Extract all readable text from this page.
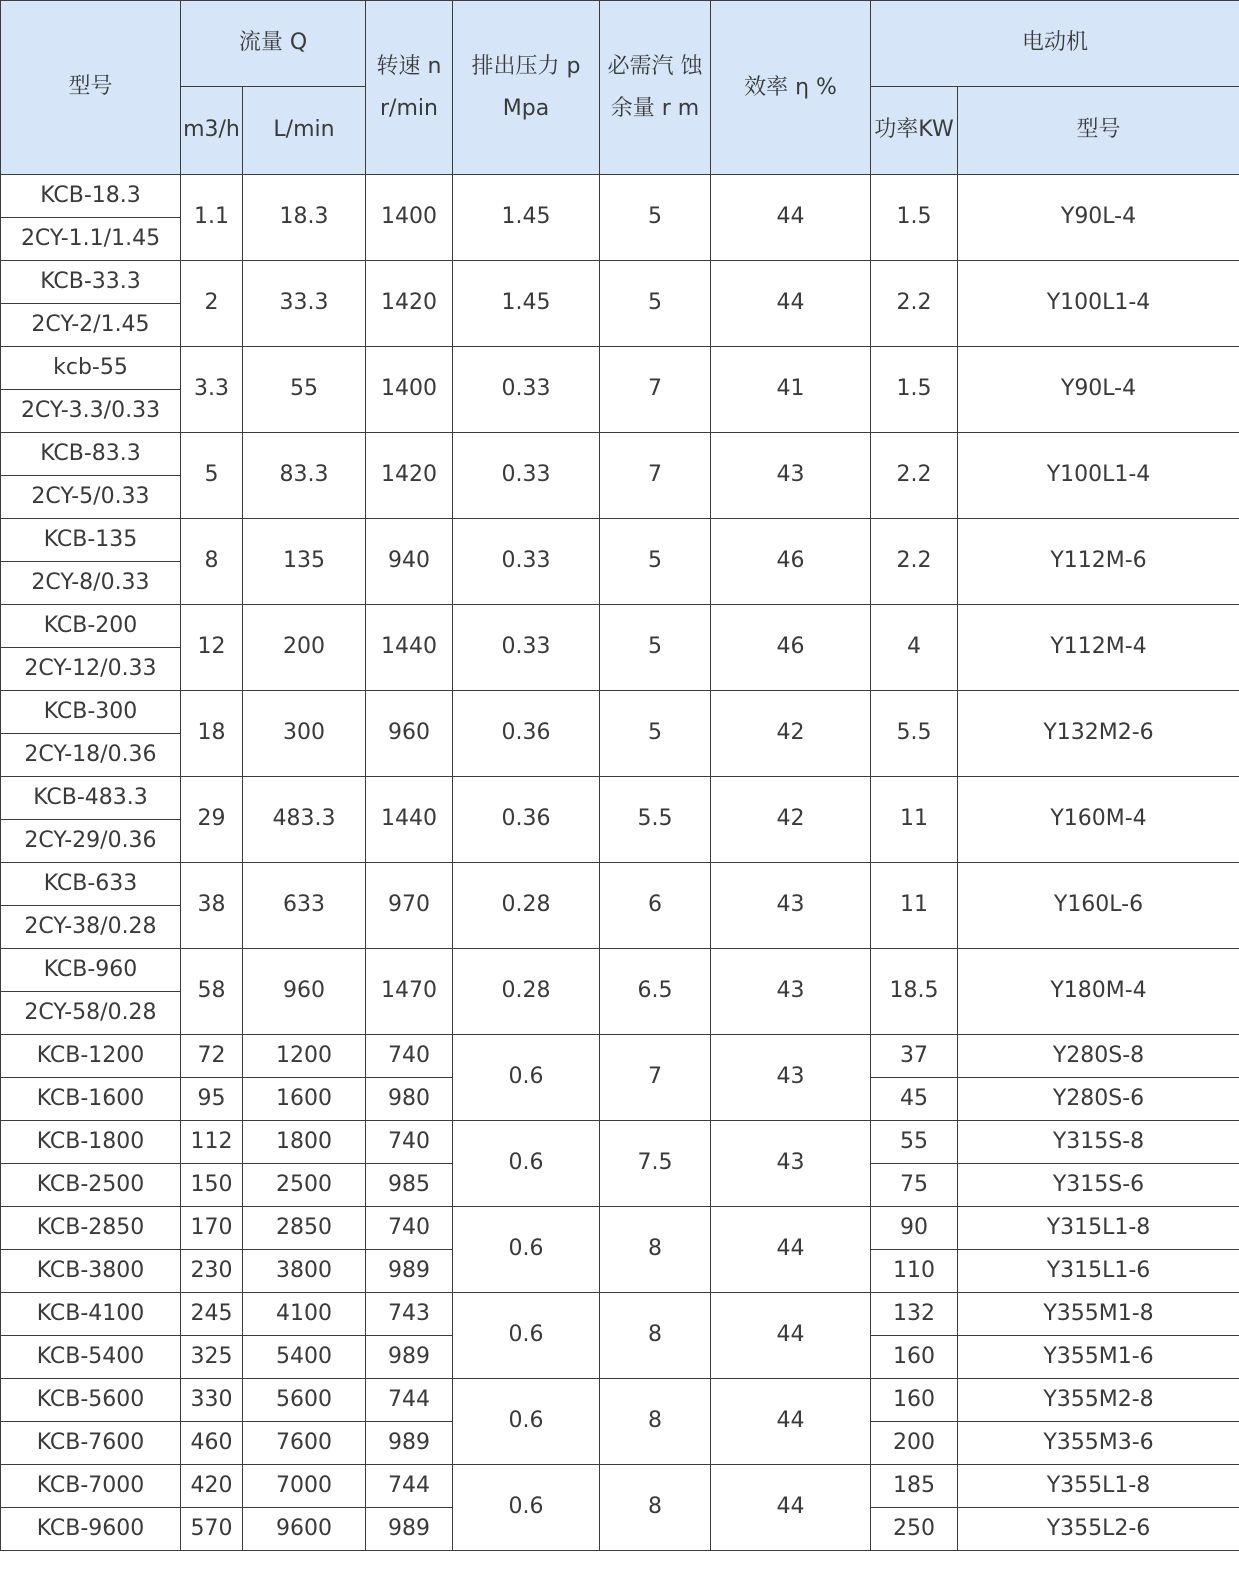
型号	流量 Q		转速 n r/min	排出压力 p Mpa	必需汽 蚀余量 r m	效率 η %	电动机	
	m3/h	L/min					功率KW	型号
KCB-18.3	1.1	18.3	1400	1.45	5	44	1.5	Y90L-4
2CY-1.1/1.45								
KCB-33.3	2	33.3	1420	1.45	5	44	2.2	Y100L1-4
2CY-2/1.45								
kcb-55	3.3	55	1400	0.33	7	41	1.5	Y90L-4
2CY-3.3/0.33								
KCB-83.3	5	83.3	1420	0.33	7	43	2.2	Y100L1-4
2CY-5/0.33								
KCB-135	8	135	940	0.33	5	46	2.2	Y112M-6
2CY-8/0.33								
KCB-200	12	200	1440	0.33	5	46	4	Y112M-4
2CY-12/0.33								
KCB-300	18	300	960	0.36	5	42	5.5	Y132M2-6
2CY-18/0.36								
KCB-483.3	29	483.3	1440	0.36	5.5	42	11	Y160M-4
2CY-29/0.36								
KCB-633	38	633	970	0.28	6	43	11	Y160L-6
2CY-38/0.28								
KCB-960	58	960	1470	0.28	6.5	43	18.5	Y180M-4
2CY-58/0.28								
KCB-1200	72	1200	740	0.6	7	43	37	Y280S-8
KCB-1600	95	1600	980				45	Y280S-6
KCB-1800	112	1800	740	0.6	7.5	43	55	Y315S-8
KCB-2500	150	2500	985				75	Y315S-6
KCB-2850	170	2850	740	0.6	8	44	90	Y315L1-8
KCB-3800	230	3800	989				110	Y315L1-6
KCB-4100	245	4100	743	0.6	8	44	132	Y355M1-8
KCB-5400	325	5400	989				160	Y355M1-6
KCB-5600	330	5600	744	0.6	8	44	160	Y355M2-8
KCB-7600	460	7600	989				200	Y355M3-6
KCB-7000	420	7000	744	0.6	8	44	185	Y355L1-8
KCB-9600	570	9600	989				250	Y355L2-6
